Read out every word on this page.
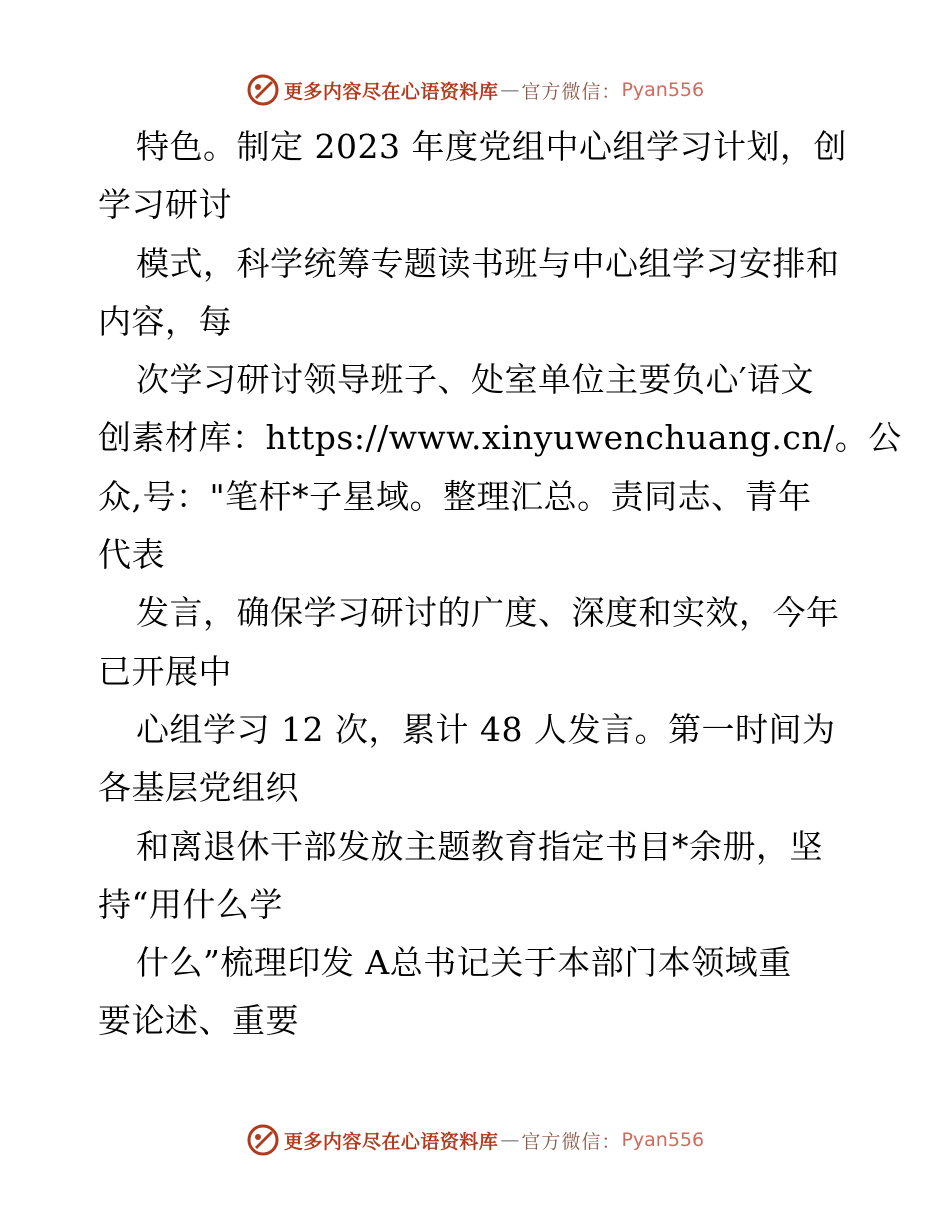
更多内容尽在心语资料库 — 官方微信： Pyan556
特色。制定 2023 年度党组中心组学习计划，创
学习研讨
模式，科学统筹专题读书班与中心组学习安排和
内容，每
次学习研讨领导班子、处室单位主要负心′语文
创素材库：https://www.xinyuwenchuang.cn/。公
众,号："笔杆*子星域。整理汇总。责同志、青年
代表
发言，确保学习研讨的广度、深度和实效，今年
已开展中
心组学习 12 次，累计 48 人发言。第一时间为
各基层党组织
和离退休干部发放主题教育指定书目*余册，坚
持“用什么学
什么”梳理印发 A总书记关于本部门本领域重
要论述、重要
更多内容尽在心语资料库 — 官方微信： Pyan556
